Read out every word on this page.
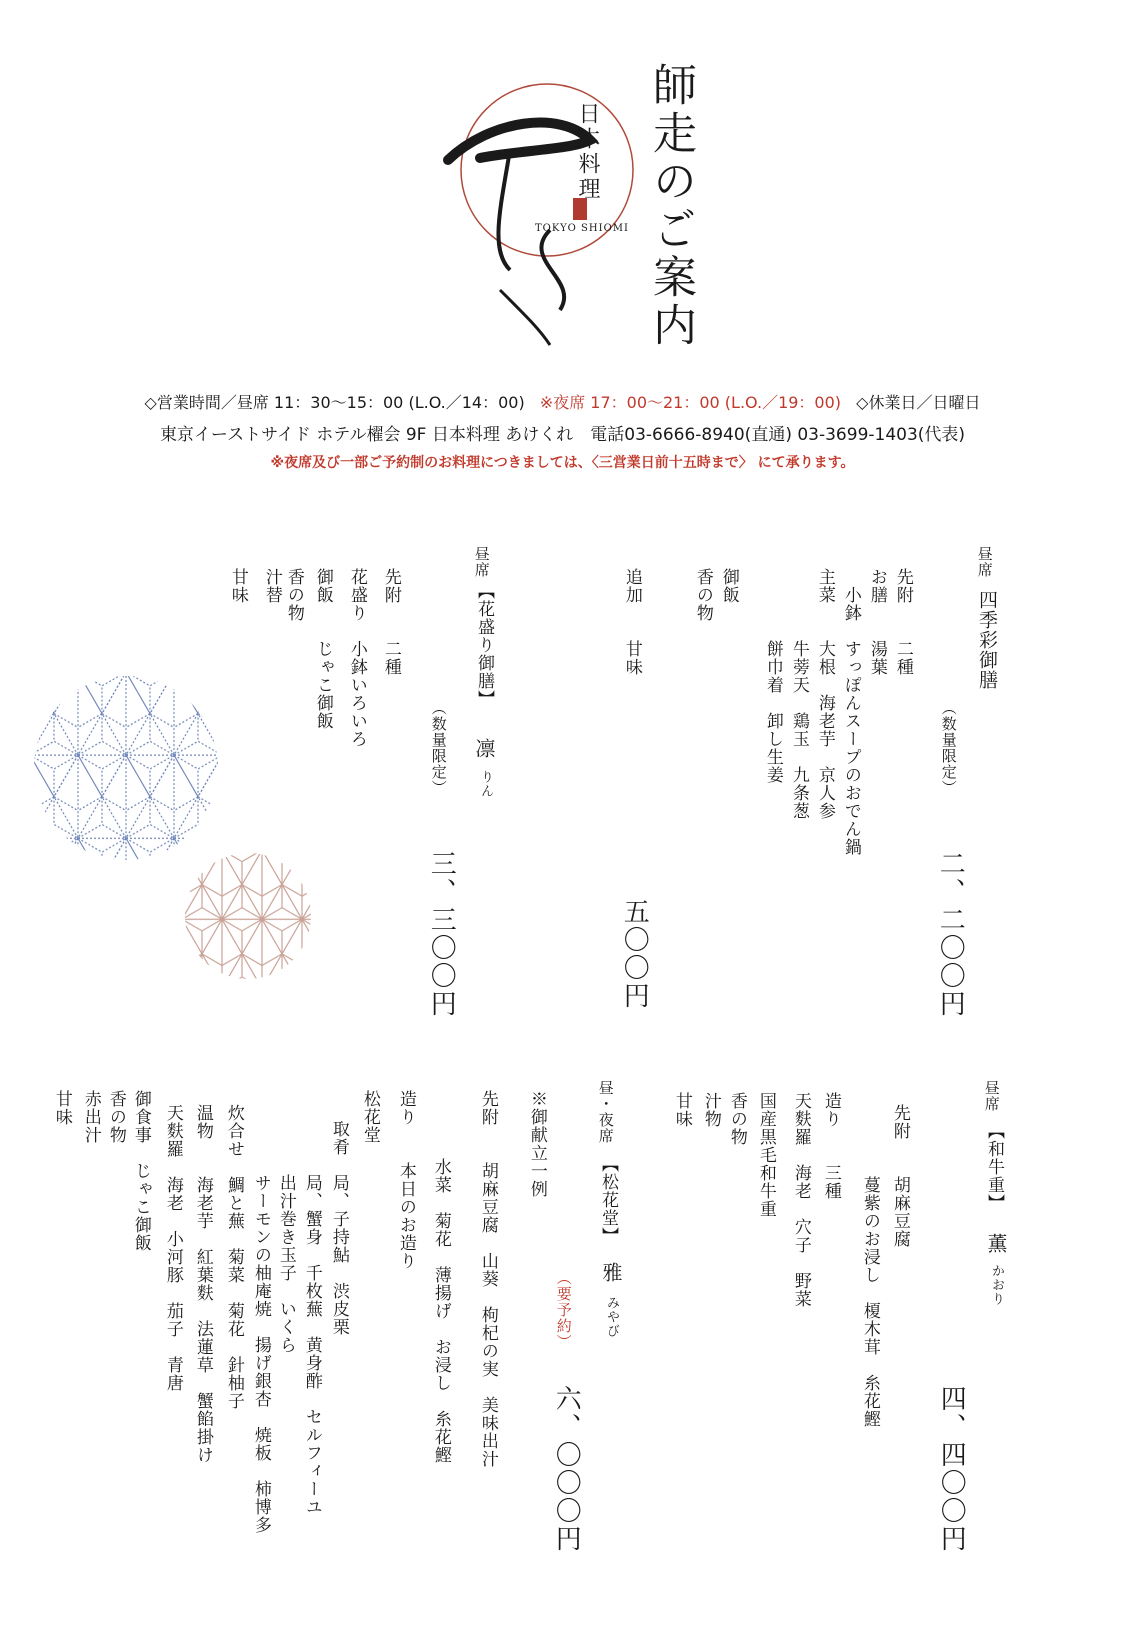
日本料理
TOKYO SHIOMI 師走のご案内
◇営業時間／昼席 11：30～15：00 (L.O.／14：00) ※夜席 17：00～21：00 (L.O.／19：00) ◇休業日／日曜日
東京イーストサイド ホテル櫂会 9F 日本料理 あけくれ　電話03-6666-8940(直通) 03-3699-1403(代表)
※夜席及び一部ご予約制のお料理につきましては、〈三営業日前十五時まで〉 にて承ります。
昼席
四季彩御膳
（数量限定）
二、二〇〇円
五〇〇円
先附　　二種
お膳　　湯葉
　小鉢　すっぽんスープのおでん鍋
主菜　　大根　海老芋　京人参
　　　　牛蒡天　鶏玉　九条葱
　　　　餅巾着　卸し生姜
御飯
香の物
追加　　甘味
昼席
【花盛り御膳】
（数量限定） 凛
りん
三、三〇〇円
先附　　二種
花盛り　小鉢いろいろ
御飯　　じゃこ御飯
香の物
汁替
甘味
昼席
【和牛重】
薫
かおり
四、四〇〇円
先附　　胡麻豆腐
　　　　蔓紫のお浸し　榎木茸　糸花鰹
造り　　三種
天麩羅　海老　穴子　野菜
国産黒毛和牛重
香の物
汁物
甘味
昼・夜席
【松花堂】
雅
みやび
（要予約）
六、〇〇〇円
※御献立一例
先附　　胡麻豆腐　山葵　枸杞の実　美味出汁
　水菜　菊花　薄揚げ　お浸し　糸花鰹
造り　　本日のお造り
松花堂
　取肴　局、子持鮎　渋皮栗
　　　　局、蟹身　千枚蕪　黄身酢　セルフィーユ
　　　　出汁巻き玉子　いくら
　　　　サーモンの柚庵焼　揚げ銀杏　焼板　柿博多
炊合せ　鯛と蕪　菊菜　菊花　針柚子
温物　　海老芋　紅葉麩　法蓮草　蟹餡掛け
天麩羅　海老　小河豚　茄子　青唐
御食事　じゃこ御飯
香の物
赤出汁
甘味
